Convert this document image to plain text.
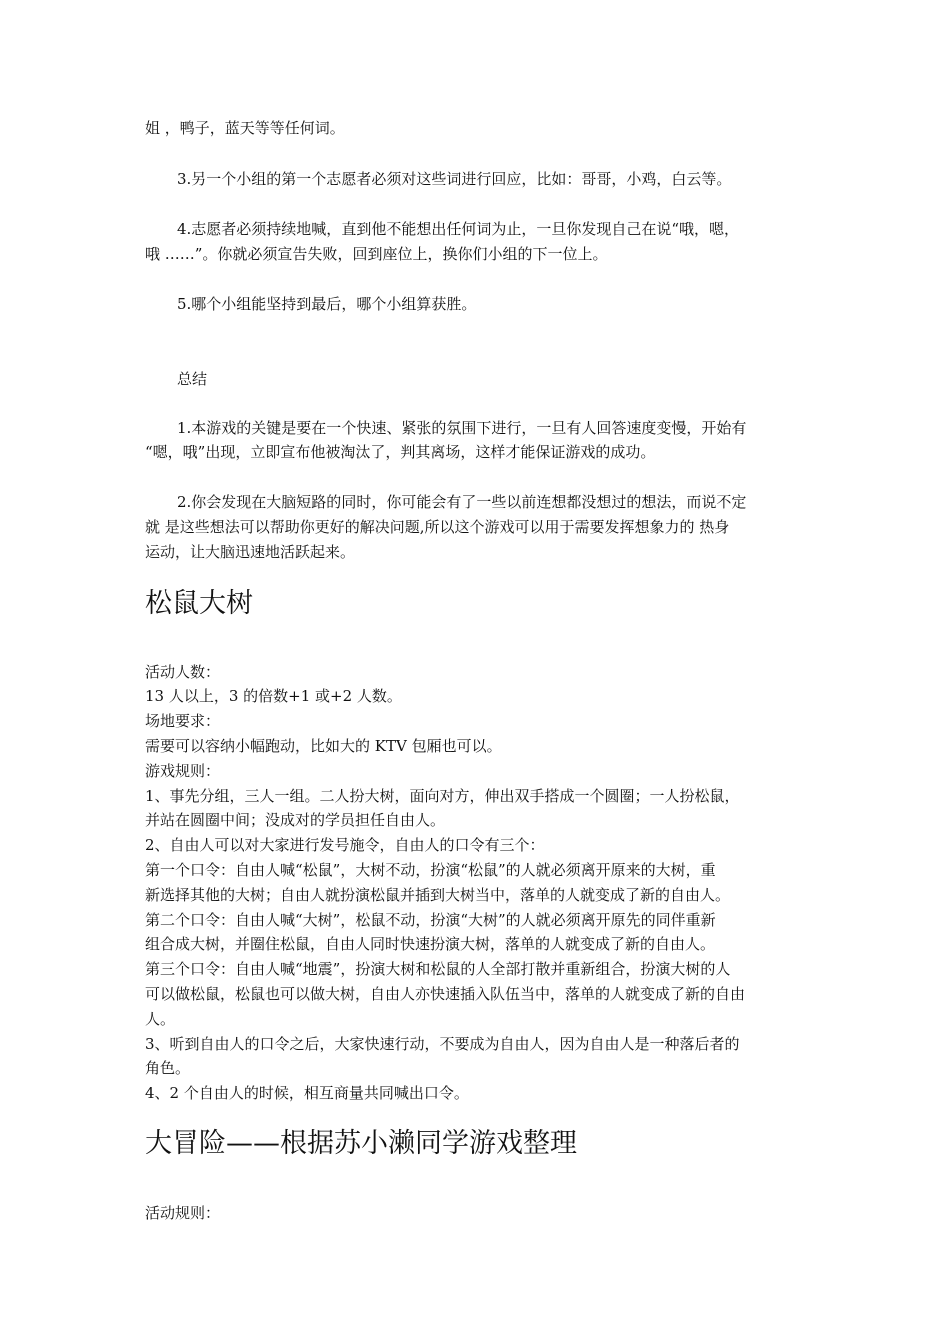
姐 ，鸭子，蓝天等等任何词。
3.另一个小组的第一个志愿者必须对这些词进行回应，比如：哥哥，小鸡，白云等。
4.志愿者必须持续地喊，直到他不能想出任何词为止，一旦你发现自己在说“哦，嗯，
哦 ……”。你就必须宣告失败，回到座位上，换你们小组的下一位上。
5.哪个小组能坚持到最后，哪个小组算获胜。
总结
1.本游戏的关键是要在一个快速、紧张的氛围下进行，一旦有人回答速度变慢，开始有
“嗯，哦”出现，立即宣布他被淘汰了，判其离场，这样才能保证游戏的成功。
2.你会发现在大脑短路的同时，你可能会有了一些以前连想都没想过的想法，而说不定
就 是这些想法可以帮助你更好的解决问题,所以这个游戏可以用于需要发挥想象力的 热身
运动，让大脑迅速地活跃起来。
松鼠大树
活动人数：
13 人以上，3 的倍数+1 或+2 人数。
场地要求：
需要可以容纳小幅跑动，比如大的 KTV 包厢也可以。
游戏规则：
1、事先分组，三人一组。二人扮大树，面向对方，伸出双手搭成一个圆圈；一人扮松鼠，
并站在圆圈中间；没成对的学员担任自由人。
2、自由人可以对大家进行发号施令，自由人的口令有三个：
第一个口令：自由人喊“松鼠”，大树不动，扮演“松鼠”的人就必须离开原来的大树，重
新选择其他的大树；自由人就扮演松鼠并插到大树当中，落单的人就变成了新的自由人。
第二个口令：自由人喊“大树”，松鼠不动，扮演“大树”的人就必须离开原先的同伴重新
组合成大树，并圈住松鼠，自由人同时快速扮演大树，落单的人就变成了新的自由人。
第三个口令：自由人喊“地震”，扮演大树和松鼠的人全部打散并重新组合，扮演大树的人
可以做松鼠，松鼠也可以做大树，自由人亦快速插入队伍当中，落单的人就变成了新的自由
人。
3、听到自由人的口令之后，大家快速行动，不要成为自由人，因为自由人是一种落后者的
角色。
4、2 个自由人的时候，相互商量共同喊出口令。
大冒险——根据苏小濑同学游戏整理
活动规则：
